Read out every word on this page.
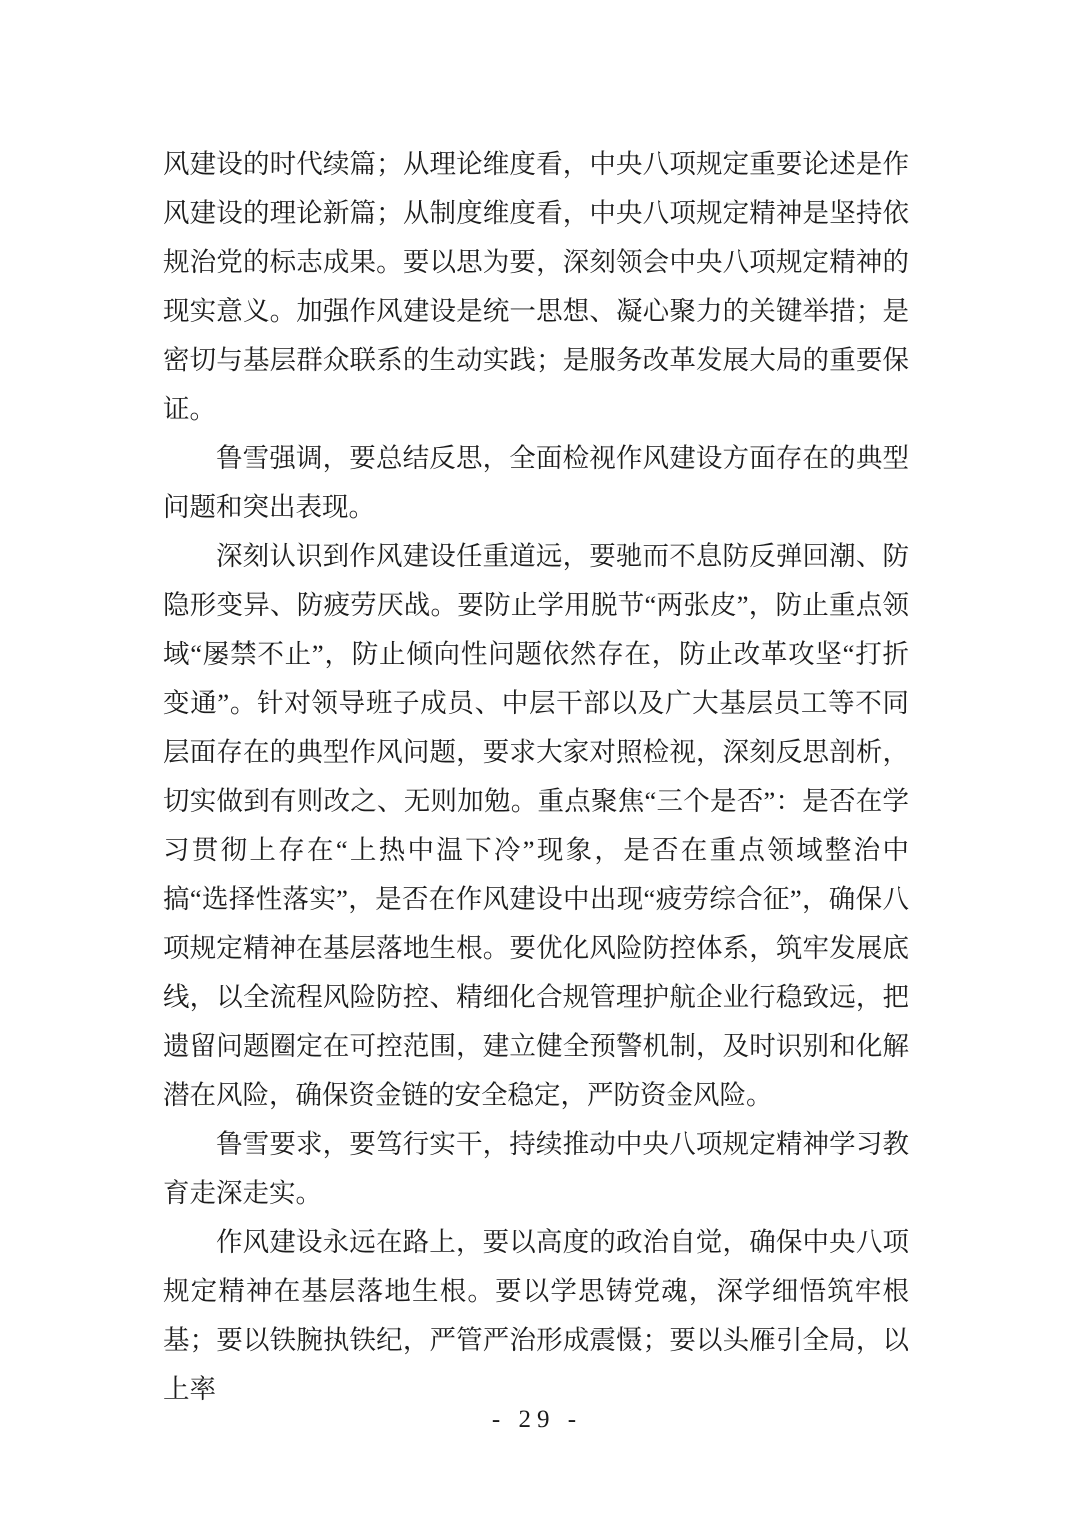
风建设的时代续篇；从理论维度看，中央八项规定重要论述是作风建设的理论新篇；从制度维度看，中央八项规定精神是坚持依规治党的标志成果。要以思为要，深刻领会中央八项规定精神的现实意义。加强作风建设是统一思想、凝心聚力的关键举措；是密切与基层群众联系的生动实践；是服务改革发展大局的重要保证。

鲁雪强调，要总结反思，全面检视作风建设方面存在的典型问题和突出表现。

深刻认识到作风建设任重道远，要驰而不息防反弹回潮、防隐形变异、防疲劳厌战。要防止学用脱节“两张皮”，防止重点领域“屡禁不止”，防止倾向性问题依然存在，防止改革攻坚“打折变通”。针对领导班子成员、中层干部以及广大基层员工等不同层面存在的典型作风问题，要求大家对照检视，深刻反思剖析，切实做到有则改之、无则加勉。重点聚焦“三个是否”：是否在学习贯彻上存在“上热中温下冷”现象，是否在重点领域整治中搞“选择性落实”，是否在作风建设中出现“疲劳综合征”，确保八项规定精神在基层落地生根。要优化风险防控体系，筑牢发展底线，以全流程风险防控、精细化合规管理护航企业行稳致远，把遗留问题圈定在可控范围，建立健全预警机制，及时识别和化解潜在风险，确保资金链的安全稳定，严防资金风险。

鲁雪要求，要笃行实干，持续推动中央八项规定精神学习教育走深走实。

作风建设永远在路上，要以高度的政治自觉，确保中央八项规定精神在基层落地生根。要以学思铸党魂，深学细悟筑牢根基；要以铁腕执铁纪，严管严治形成震慑；要以头雁引全局，以上率

- 29 -
